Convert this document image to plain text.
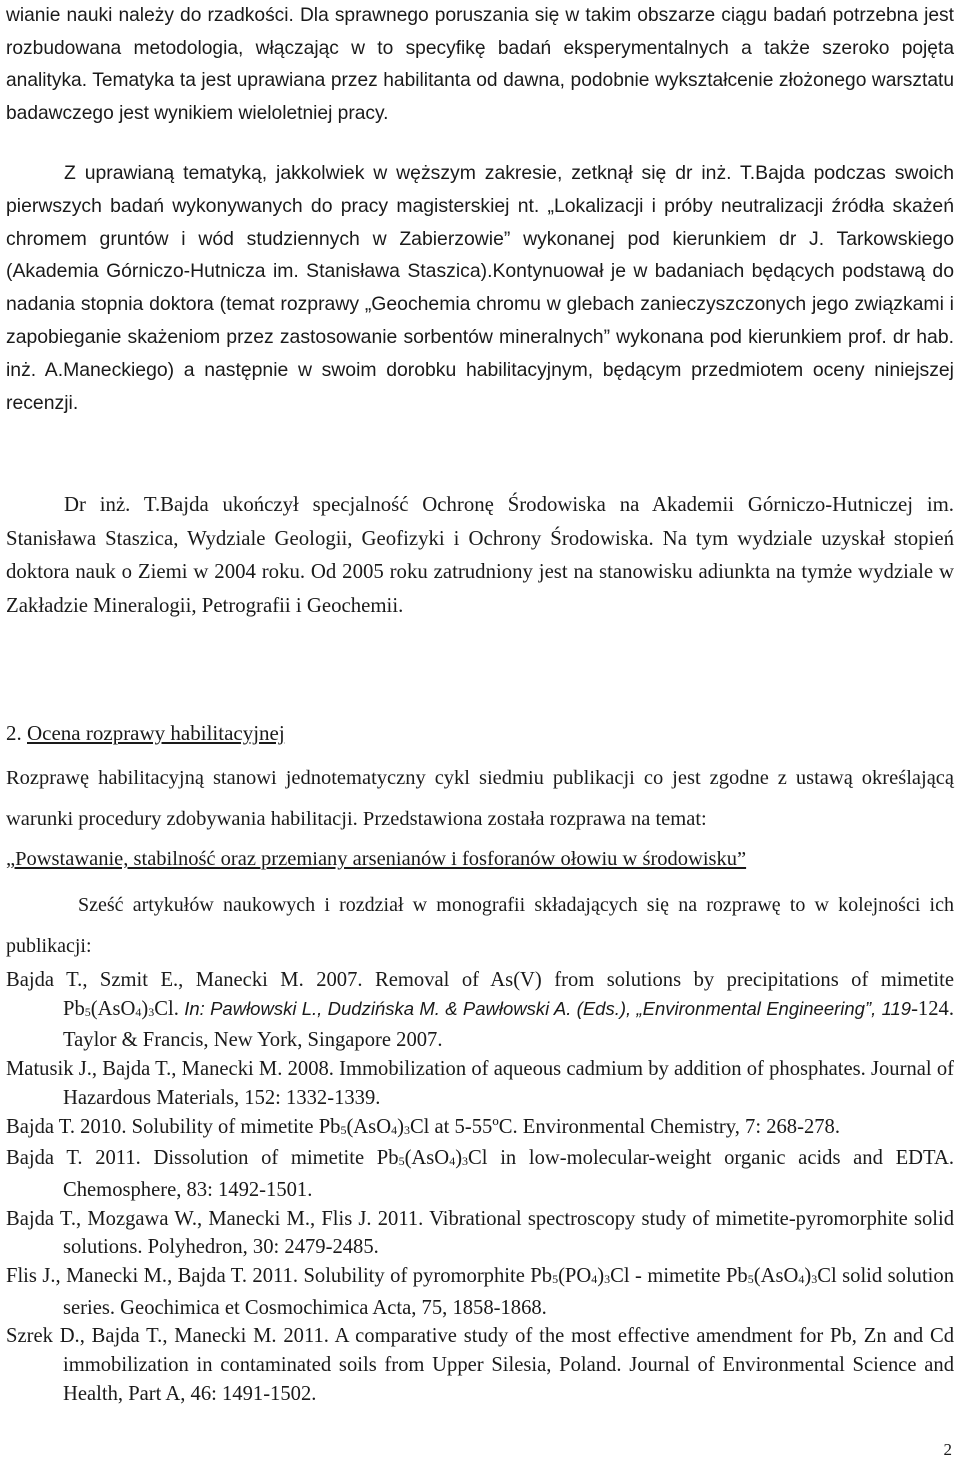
wianie nauki należy do rzadkości. Dla sprawnego poruszania się w takim obszarze ciągu badań potrzebna jest rozbudowana metodologia, włączając w to specyfikę badań eksperymentalnych a także szeroko pojęta analityka. Tematyka ta jest uprawiana przez habilitanta od dawna, podobnie wykształcenie złożonego warsztatu badawczego jest wynikiem wieloletniej pracy.

Z uprawianą tematyką, jakkolwiek w węższym zakresie, zetknął się dr inż. T.Bajda podczas swoich pierwszych badań wykonywanych do pracy magisterskiej nt. „Lokalizacji i próby neutralizacji źródła skażeń chromem gruntów i wód studziennych w Zabierzowie” wykonanej pod kierunkiem dr J. Tarkowskiego (Akademia Górniczo-Hutnicza im. Stanisława Staszica).Kontynuował je w badaniach będących podstawą do nadania stopnia doktora (temat rozprawy „Geochemia chromu w glebach zanieczyszczonych jego związkami i zapobieganie skażeniom przez zastosowanie sorbentów mineralnych” wykonana pod kierunkiem prof. dr hab. inż. A.Maneckiego) a następnie w swoim dorobku habilitacyjnym, będącym przedmiotem oceny niniejszej recenzji.

Dr inż. T.Bajda ukończył specjalność Ochronę Środowiska na Akademii Górniczo-Hutniczej im. Stanisława Staszica, Wydziale Geologii, Geofizyki i Ochrony Środowiska. Na tym wydziale uzyskał stopień doktora nauk o Ziemi w 2004 roku. Od 2005 roku zatrudniony jest na stanowisku adiunkta na tymże wydziale w Zakładzie Mineralogii, Petrografii i Geochemii.

2. Ocena rozprawy habilitacyjnej

Rozprawę habilitacyjną stanowi jednotematyczny cykl siedmiu publikacji co jest zgodne z ustawą określającą warunki procedury zdobywania habilitacji. Przedstawiona została rozprawa na temat:

„Powstawanie, stabilność oraz przemiany arsenianów i fosforanów ołowiu w środowisku”

Sześć artykułów naukowych i rozdział w monografii składających się na rozprawę to w kolejności ich publikacji:

Bajda T., Szmit E., Manecki M. 2007. Removal of As(V) from solutions by precipitations of mimetite $Pb_5(AsO_4)_3Cl$. In: Pawłowski L., Dudzińska M. & Pawłowski A. (Eds.), „Environmental Engineering”, 119-124. Taylor & Francis, New York, Singapore 2007.

Matusik J., Bajda T., Manecki M. 2008. Immobilization of aqueous cadmium by addition of phosphates. Journal of Hazardous Materials, 152: 1332-1339.

Bajda T. 2010. Solubility of mimetite $Pb_5(AsO_4)_3Cl$ at 5-55ºC. Environmental Chemistry, 7: 268-278.

Bajda T. 2011. Dissolution of mimetite $Pb_5(AsO_4)_3Cl$ in low-molecular-weight organic acids and EDTA. Chemosphere, 83: 1492-1501.

Bajda T., Mozgawa W., Manecki M., Flis J. 2011. Vibrational spectroscopy study of mimetite-pyromorphite solid solutions. Polyhedron, 30: 2479-2485.

Flis J., Manecki M., Bajda T. 2011. Solubility of pyromorphite $Pb_5(PO_4)_3Cl$ - mimetite $Pb_5(AsO_4)_3Cl$ solid solution series. Geochimica et Cosmochimica Acta, 75, 1858-1868.

Szrek D., Bajda T., Manecki M. 2011. A comparative study of the most effective amendment for Pb, Zn and Cd immobilization in contaminated soils from Upper Silesia, Poland. Journal of Environmental Science and Health, Part A, 46: 1491-1502.

2
